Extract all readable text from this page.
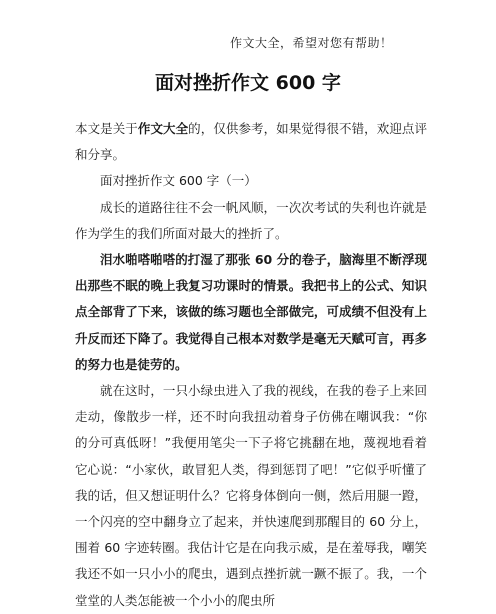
作文大全，希望对您有帮助！
面对挫折作文 600 字

本文是关于作文大全的，仅供参考，如果觉得很不错，欢迎点评和分享。

面对挫折作文 600 字（一）

成长的道路往往不会一帆风顺，一次次考试的失利也许就是作为学生的我们所面对最大的挫折了。

泪水啪嗒啪嗒的打湿了那张 60 分的卷子，脑海里不断浮现出那些不眠的晚上我复习功课时的情景。我把书上的公式、知识点全部背了下来，该做的练习题也全部做完，可成绩不但没有上升反而还下降了。我觉得自己根本对数学是毫无天赋可言，再多的努力也是徒劳的。

就在这时，一只小绿虫进入了我的视线，在我的卷子上来回走动，像散步一样，还不时向我扭动着身子仿佛在嘲讽我：“你的分可真低呀！”我便用笔尖一下子将它挑翻在地，蔑视地看着它心说：“小家伙，敢冒犯人类，得到惩罚了吧！”它似乎听懂了我的话，但又想证明什么？它将身体倒向一侧，然后用腿一蹬，一个闪亮的空中翻身立了起来，并快速爬到那醒目的 60 分上，围着 60 字迹转圈。我估计它是在向我示威，是在羞辱我，嘲笑我还不如一只小小的爬虫，遇到点挫折就一蹶不振了。我，一个堂堂的人类怎能被一个小小的爬虫所
